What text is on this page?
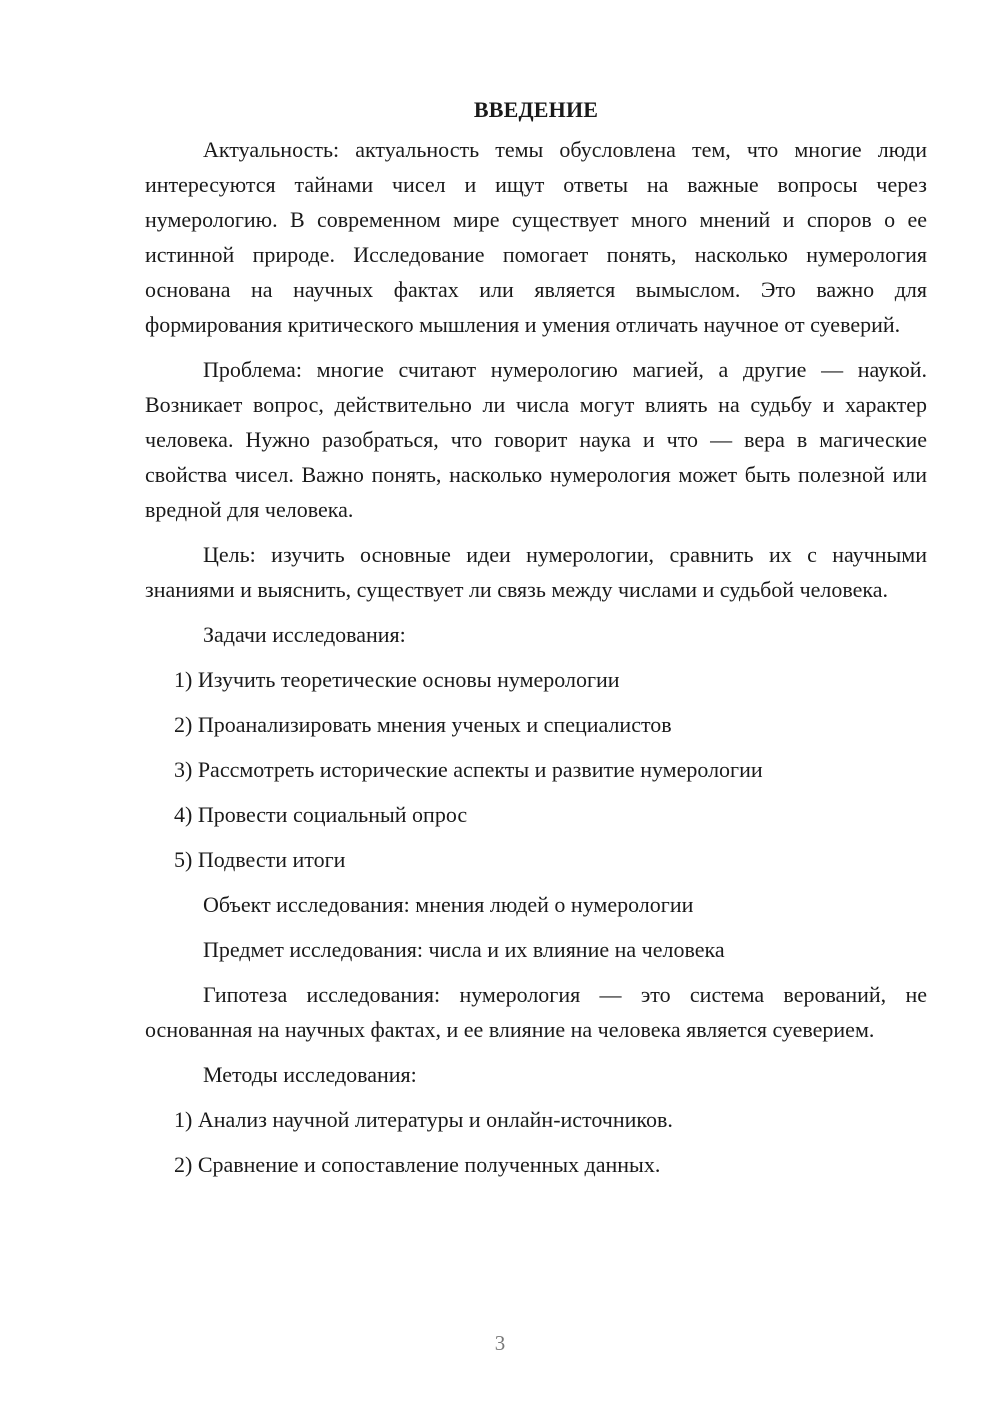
ВВЕДЕНИЕ

Актуальность: актуальность темы обусловлена тем, что многие люди интересуются тайнами чисел и ищут ответы на важные вопросы через нумерологию. В современном мире существует много мнений и споров о ее истинной природе. Исследование помогает понять, насколько нумерология основана на научных фактах или является вымыслом. Это важно для формирования критического мышления и умения отличать научное от суеверий.

Проблема: многие считают нумерологию магией, а другие — наукой. Возникает вопрос, действительно ли числа могут влиять на судьбу и характер человека. Нужно разобраться, что говорит наука и что — вера в магические свойства чисел. Важно понять, насколько нумерология может быть полезной или вредной для человека.

Цель: изучить основные идеи нумерологии, сравнить их с научными знаниями и выяснить, существует ли связь между числами и судьбой человека.

Задачи исследования:
1) Изучить теоретические основы нумерологии
2) Проанализировать мнения ученых и специалистов
3) Рассмотреть исторические аспекты и развитие нумерологии
4) Провести социальный опрос
5) Подвести итоги
Объект исследования: мнения людей о нумерологии
Предмет исследования: числа и их влияние на человека

Гипотеза исследования: нумерология — это система верований, не основанная на научных фактах, и ее влияние на человека является суеверием.

Методы исследования:
1) Анализ научной литературы и онлайн-источников.
2) Сравнение и сопоставление полученных данных.
3
